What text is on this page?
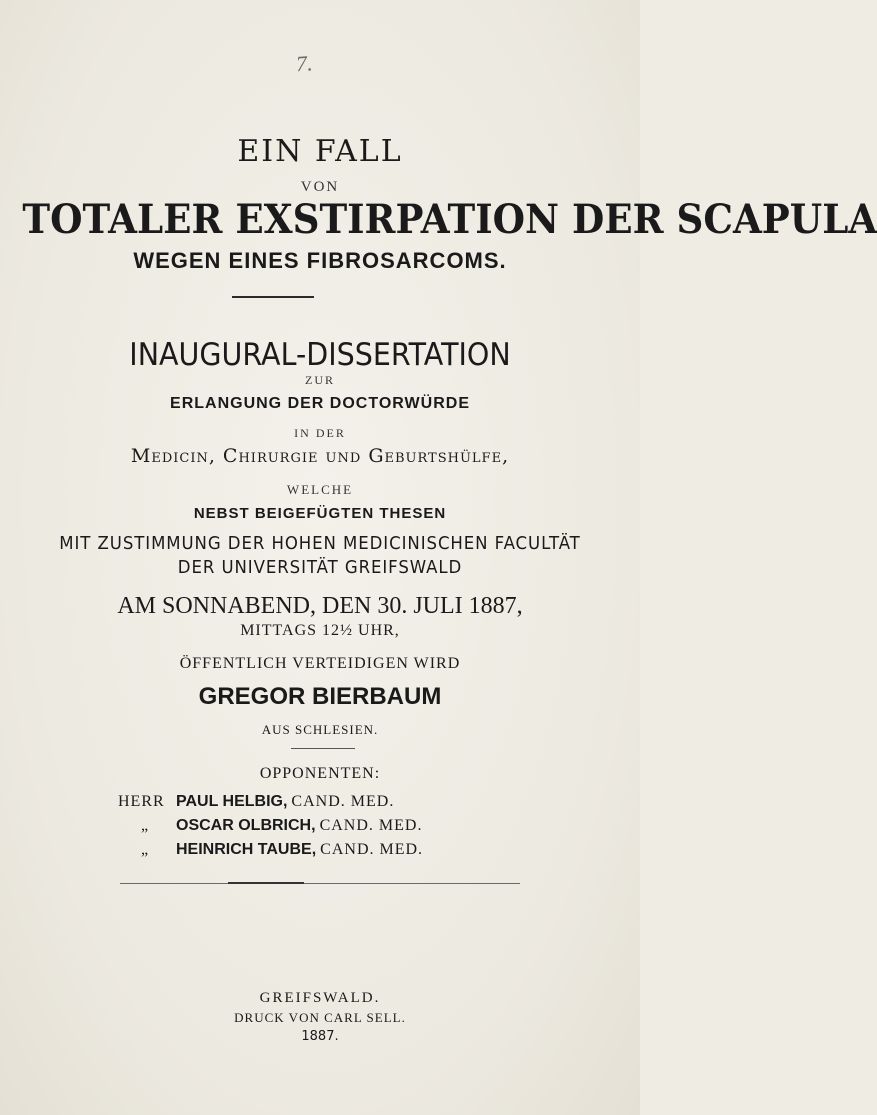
7.
EIN FALL
VON
TOTALER EXSTIRPATION DER SCAPULA
WEGEN EINES FIBROSARCOMS.
INAUGURAL-DISSERTATION
ZUR
ERLANGUNG DER DOCTORWÜRDE
IN DER
Medicin, Chirurgie und Geburtshülfe,
WELCHE
NEBST BEIGEFÜGTEN THESEN
MIT ZUSTIMMUNG DER HOHEN MEDICINISCHEN FACULTÄT
DER UNIVERSITÄT GREIFSWALD
AM SONNABEND, DEN 30. JULI 1887,
MITTAGS 12½ UHR,
ÖFFENTLICH VERTEIDIGEN WIRD
GREGOR BIERBAUM
AUS SCHLESIEN.
OPPONENTEN:
HERR PAUL HELBIG, CAND. MED.
„ OSCAR OLBRICH, CAND. MED.
„ HEINRICH TAUBE, CAND. MED.
GREIFSWALD.
DRUCK VON CARL SELL.
1887.
